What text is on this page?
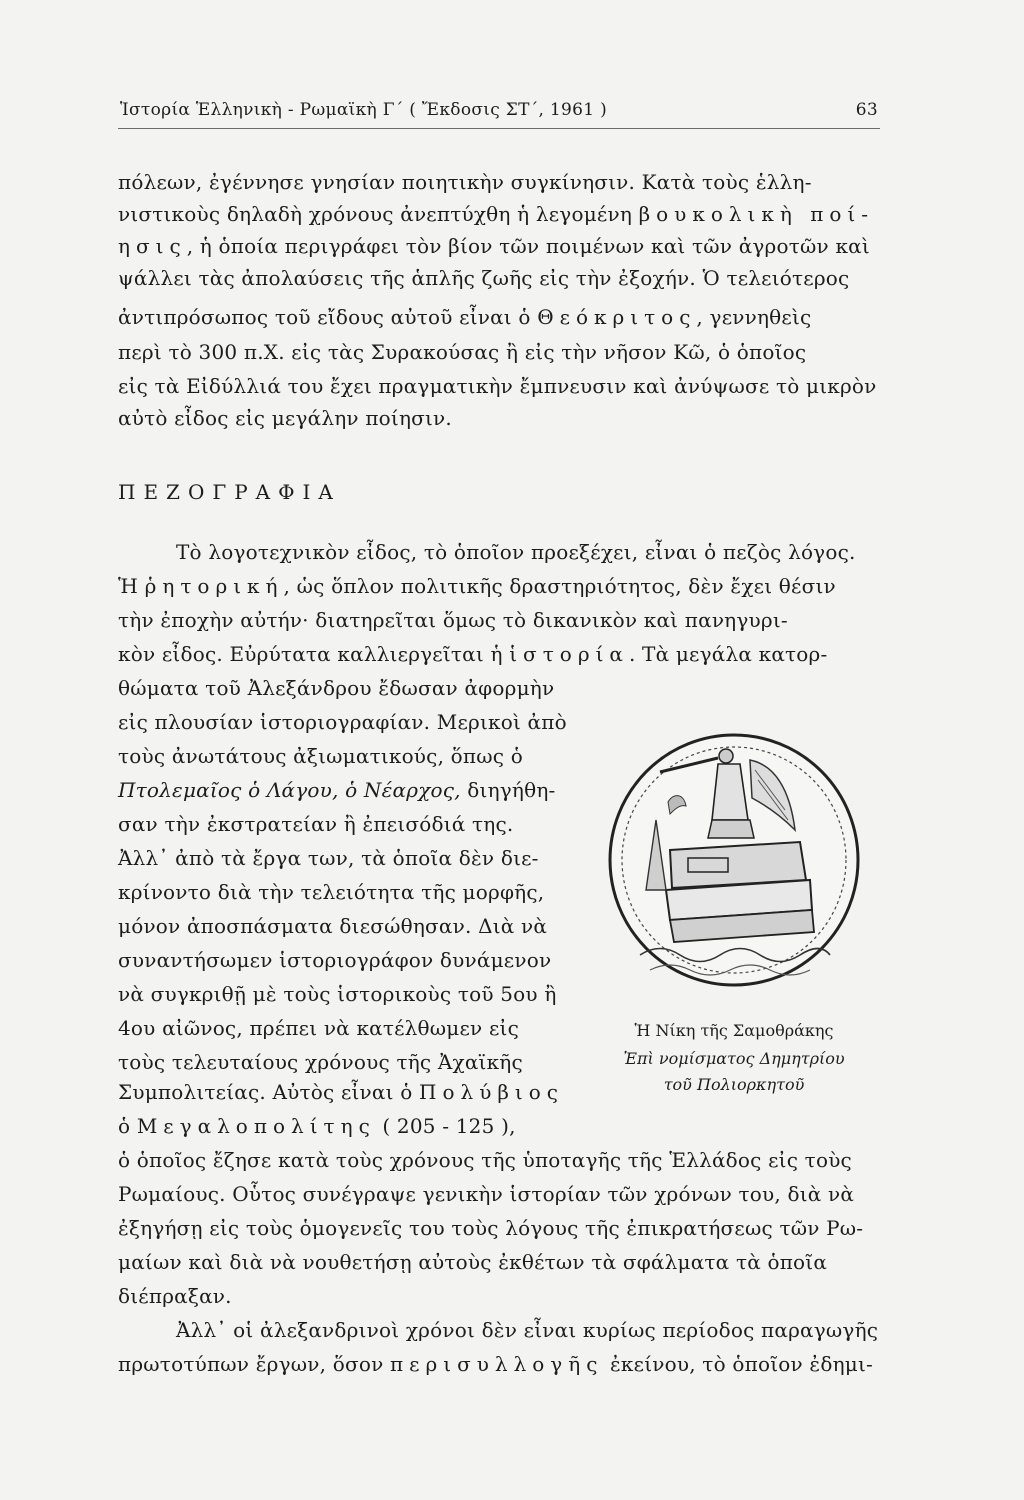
Ἱστορία Ἑλληνικὴ - Ρωμαϊκὴ Γ΄ ( Ἔκδοσις ΣΤ΄, 1961 )	63
πόλεων, ἐγέννησε γνησίαν ποιητικὴν συγκίνησιν. Κατὰ τοὺς ἑλλη-
νιστικοὺς δηλαδὴ χρόνους ἀνεπτύχθη ἡ λεγομένη βουκολικὴ ποί-
ησις, ἡ ὁποία περιγράφει τὸν βίον τῶν ποιμένων καὶ τῶν ἀγροτῶν καὶ
ψάλλει τὰς ἀπολαύσεις τῆς ἁπλῆς ζωῆς εἰς τὴν ἐξοχήν. Ὁ τελειότερος
ἀντιπρόσωπος τοῦ εἴδους αὐτοῦ εἶναι ὁ Θεόκριτος, γεννηθεὶς
περὶ τὸ 300 π.Χ. εἰς τὰς Συρακούσας ἢ εἰς τὴν νῆσον Κῶ, ὁ ὁποῖος
εἰς τὰ Εἰδύλλιά του ἔχει πραγματικὴν ἔμπνευσιν καὶ ἀνύψωσε τὸ μικρὸν
αὐτὸ εἶδος εἰς μεγάλην ποίησιν.
ΠΕΖΟΓΡΑΦΙΑ
Τὸ λογοτεχνικὸν εἶδος, τὸ ὁποῖον προεξέχει, εἶναι ὁ πεζὸς λόγος.
Ἡ ῥητορική, ὡς ὅπλον πολιτικῆς δραστηριότητος, δὲν ἔχει θέσιν
τὴν ἐποχὴν αὐτήν· διατηρεῖται ὅμως τὸ δικανικὸν καὶ πανηγυρι-
κὸν εἶδος. Εὐρύτατα καλλιεργεῖται ἡ ἱστορία. Τὰ μεγάλα κατορ-
θώματα τοῦ Ἀλεξάνδρου ἔδωσαν ἀφορμὴν
εἰς πλουσίαν ἱστοριογραφίαν. Μερικοὶ ἀπὸ
τοὺς ἀνωτάτους ἀξιωματικούς, ὅπως ὁ
Πτολεμαῖος ὁ Λάγου, ὁ Νέαρχος, διηγήθη-
σαν τὴν ἐκστρατείαν ἢ ἐπεισόδιά της.
Ἀλλ᾽ ἀπὸ τὰ ἔργα των, τὰ ὁποῖα δὲν διε-
κρίνοντο διὰ τὴν τελειότητα τῆς μορφῆς,
μόνον ἀποσπάσματα διεσώθησαν. Διὰ νὰ
συναντήσωμεν ἱστοριογράφον δυνάμενον
νὰ συγκριθῇ μὲ τοὺς ἱστορικοὺς τοῦ 5ου ἢ
4ου αἰῶνος, πρέπει νὰ κατέλθωμεν εἰς
τοὺς τελευταίους χρόνους τῆς Ἀχαϊκῆς
Συμπολιτείας. Αὐτὸς εἶναι ὁ Πολύβιος
ὁ Μεγαλοπολίτης ( 205 - 125 ),
ὁ ὁποῖος ἔζησε κατὰ τοὺς χρόνους τῆς ὑποταγῆς τῆς Ἑλλάδος εἰς τοὺς
Ρωμαίους. Οὗτος συνέγραψε γενικὴν ἱστορίαν τῶν χρόνων του, διὰ νὰ
ἐξηγήσῃ εἰς τοὺς ὁμογενεῖς του τοὺς λόγους τῆς ἐπικρατήσεως τῶν Ρω-
μαίων καὶ διὰ νὰ νουθετήσῃ αὐτοὺς ἐκθέτων τὰ σφάλματα τὰ ὁποῖα
διέπραξαν.
Ἀλλ᾽ οἱ ἀλεξανδρινοὶ χρόνοι δὲν εἶναι κυρίως περίοδος παραγωγῆς
πρωτοτύπων ἔργων, ὅσον περισυλλογῆς ἐκείνου, τὸ ὁποῖον ἐδημι-
Ἡ Νίκη τῆς Σαμοθράκης
Ἐπὶ νομίσματος Δημητρίου
τοῦ Πολιορκητοῦ
